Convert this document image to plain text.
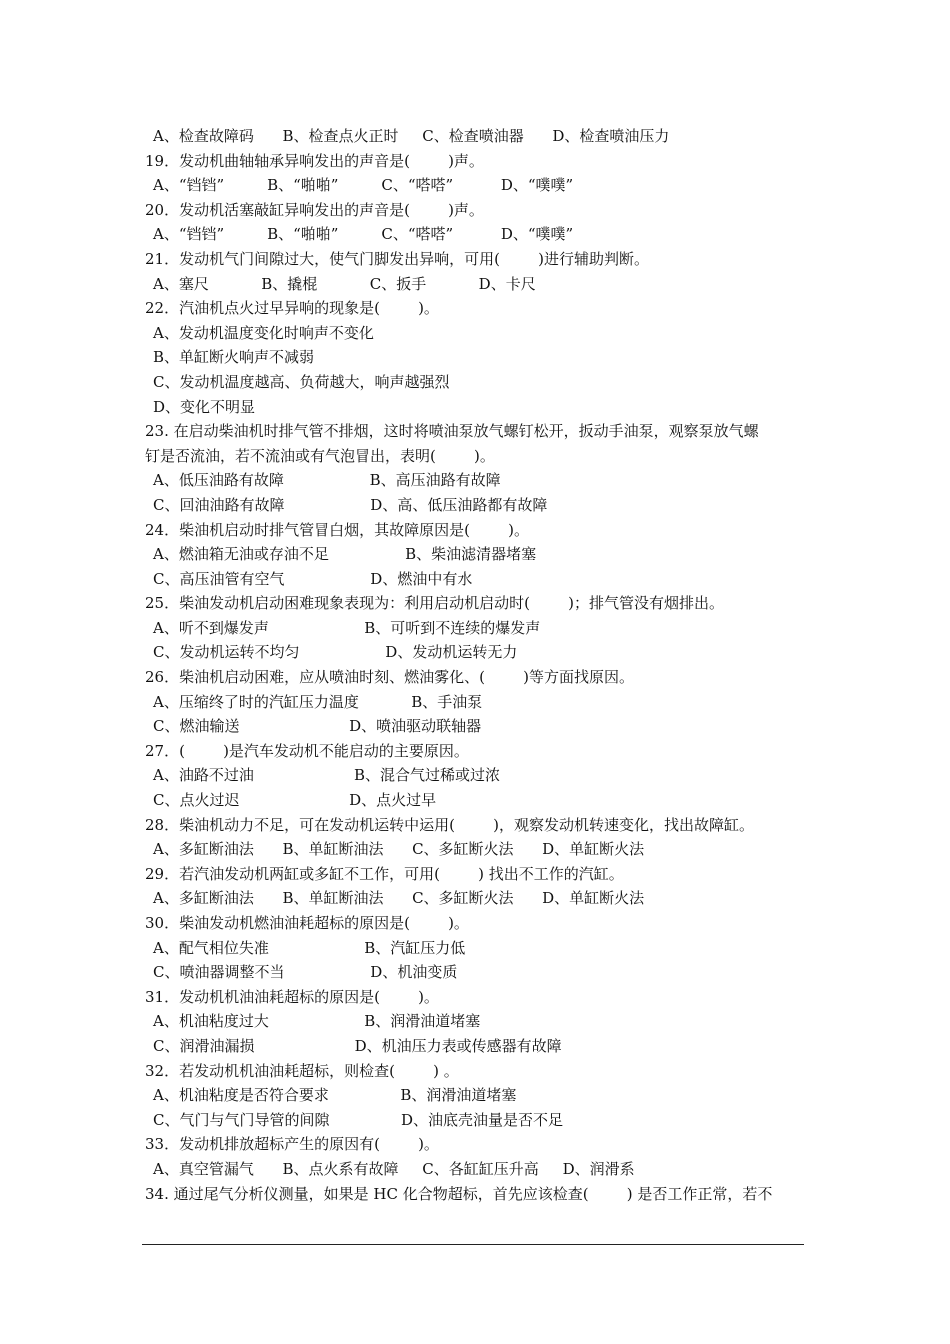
A、检查故障码      B、检查点火正时     C、检查喷油器      D、检查喷油压力
19．发动机曲轴轴承异响发出的声音是(        )声。
A、“铛铛”         B、“啪啪”         C、“嗒嗒”          D、“噗噗”
20．发动机活塞敲缸异响发出的声音是(        )声。
A、“铛铛”         B、“啪啪”         C、“嗒嗒”          D、“噗噗”
21．发动机气门间隙过大，使气门脚发出异响，可用(        )进行辅助判断。
A、塞尺           B、撬棍           C、扳手           D、卡尺
22．汽油机点火过早异响的现象是(        )。
A、发动机温度变化时响声不变化
B、单缸断火响声不减弱
C、发动机温度越高、负荷越大，响声越强烈
D、变化不明显
23. 在启动柴油机时排气管不排烟，这时将喷油泵放气螺钉松开，扳动手油泵，观察泵放气螺
钉是否流油，若不流油或有气泡冒出，表明(        )。
A、低压油路有故障                  B、高压油路有故障
C、回油油路有故障                  D、高、低压油路都有故障
24．柴油机启动时排气管冒白烟，其故障原因是(        )。
A、燃油箱无油或存油不足                B、柴油滤清器堵塞
C、高压油管有空气                  D、燃油中有水
25．柴油发动机启动困难现象表现为：利用启动机启动时(        )；排气管没有烟排出。
A、听不到爆发声                    B、可听到不连续的爆发声
C、发动机运转不均匀                  D、发动机运转无力
26．柴油机启动困难，应从喷油时刻、燃油雾化、(        )等方面找原因。
A、压缩终了时的汽缸压力温度           B、手油泵
C、燃油输送                       D、喷油驱动联轴器
27．(        )是汽车发动机不能启动的主要原因。
A、油路不过油                     B、混合气过稀或过浓
C、点火过迟                       D、点火过早
28．柴油机动力不足，可在发动机运转中运用(        )，观察发动机转速变化，找出故障缸。
A、多缸断油法      B、单缸断油法      C、多缸断火法      D、单缸断火法
29．若汽油发动机两缸或多缸不工作，可用(        ) 找出不工作的汽缸。
A、多缸断油法      B、单缸断油法      C、多缸断火法      D、单缸断火法
30．柴油发动机燃油油耗超标的原因是(        )。
A、配气相位失准                    B、汽缸压力低
C、喷油器调整不当                  D、机油变质
31．发动机机油油耗超标的原因是(        )。
A、机油粘度过大                    B、润滑油道堵塞
C、润滑油漏损                     D、机油压力表或传感器有故障
32．若发动机机油油耗超标，则检查(        ) 。
A、机油粘度是否符合要求               B、润滑油道堵塞
C、气门与气门导管的间隙               D、油底壳油量是否不足
33．发动机排放超标产生的原因有(        )。
A、真空管漏气      B、点火系有故障     C、各缸缸压升高     D、润滑系
34. 通过尾气分析仪测量，如果是 HC 化合物超标，首先应该检查(        ) 是否工作正常，若不
